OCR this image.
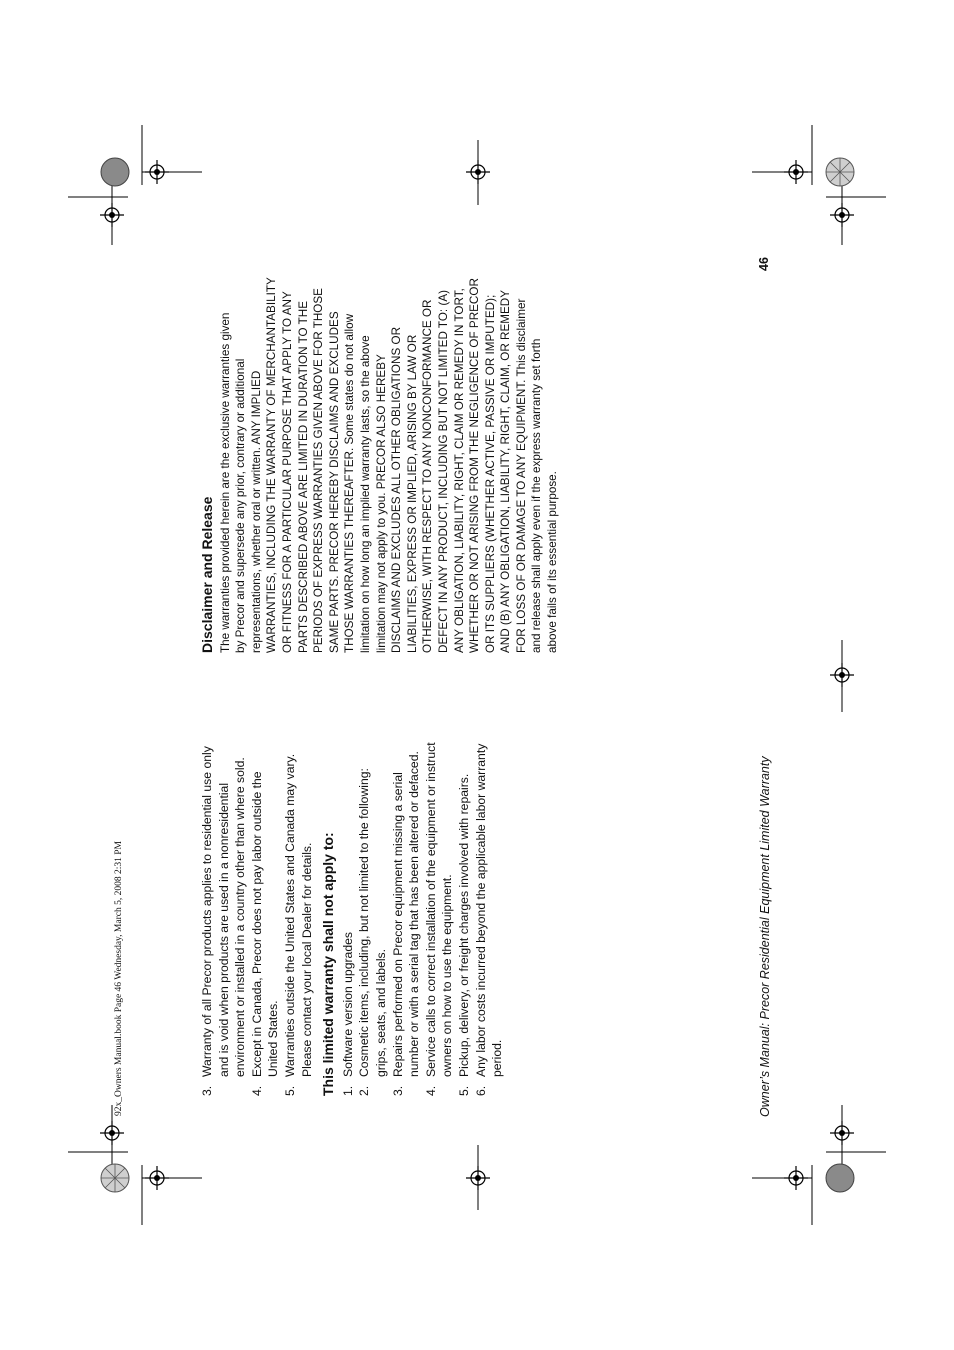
92x_Owners Manual.book Page 46 Wednesday, March 5, 2008 2:31 PM	3.
Warranty of all Precor products applies to residential use only and is void when products are used in a nonresidential environment or installed in a country other than where sold.
4.
Except in Canada, Precor does not pay labor outside the United States.
5.
Warranties outside the United States and Canada may vary. Please contact your local Dealer for details. This limited warranty shall not apply to: 1.
Software version upgrades
2.
Cosmetic items, including, but not limited to the following: grips, seats, and labels.
3.
Repairs performed on Precor equipment missing a serial number or with a serial tag that has been altered or defaced.
4.
Service calls to correct installation of the equipment or instruct owners on how to use the equipment.
5.
Pickup, delivery, or freight charges involved with repairs.
6.
Any labor costs incurred beyond the applicable labor warranty period.
Disclaimer and Release The warranties provided herein are the exclusive warranties given by Precor and supersede any prior, contrary or additional representations, whether oral or written. ANY IMPLIED WARRANTIES, INCLUDING THE WARRANTY OF MERCHANTABILITY OR FITNESS FOR A PARTICULAR PURPOSE THAT APPLY TO ANY PARTS DESCRIBED ABOVE ARE LIMITED IN DURATION TO THE PERIODS OF EXPRESS WARRANTIES GIVEN ABOVE FOR THOSE SAME PARTS. PRECOR HEREBY DISCLAIMS AND EXCLUDES THOSE WARRANTIES THEREAFTER. Some states do not allow limitation on how long an implied warranty lasts, so the above limitation may not apply to you. PRECOR ALSO HEREBY DISCLAIMS AND EXCLUDES ALL OTHER OBLIGATIONS OR LIABILITIES, EXPRESS OR IMPLIED, ARISING BY LAW OR OTHERWISE, WITH RESPECT TO ANY NONCONFORMANCE OR DEFECT IN ANY PRODUCT, INCLUDING BUT NOT LIMITED TO: (A) ANY OBLIGATION, LIABILITY, RIGHT, CLAIM OR REMEDY IN TORT, WHETHER OR NOT ARISING FROM THE NEGLIGENCE OF PRECOR OR ITS SUPPLIERS (WHETHER ACTIVE, PASSIVE OR IMPUTED); AND (B) ANY OBLIGATION, LIABILITY, RIGHT, CLAIM, OR REMEDY FOR LOSS OF OR DAMAGE TO ANY EQUIPMENT. This disclaimer and release shall apply even if the express warranty set forth above fails of its essential purpose.
Owner’s Manual: Precor Residential Equipment Limited Warranty
46
